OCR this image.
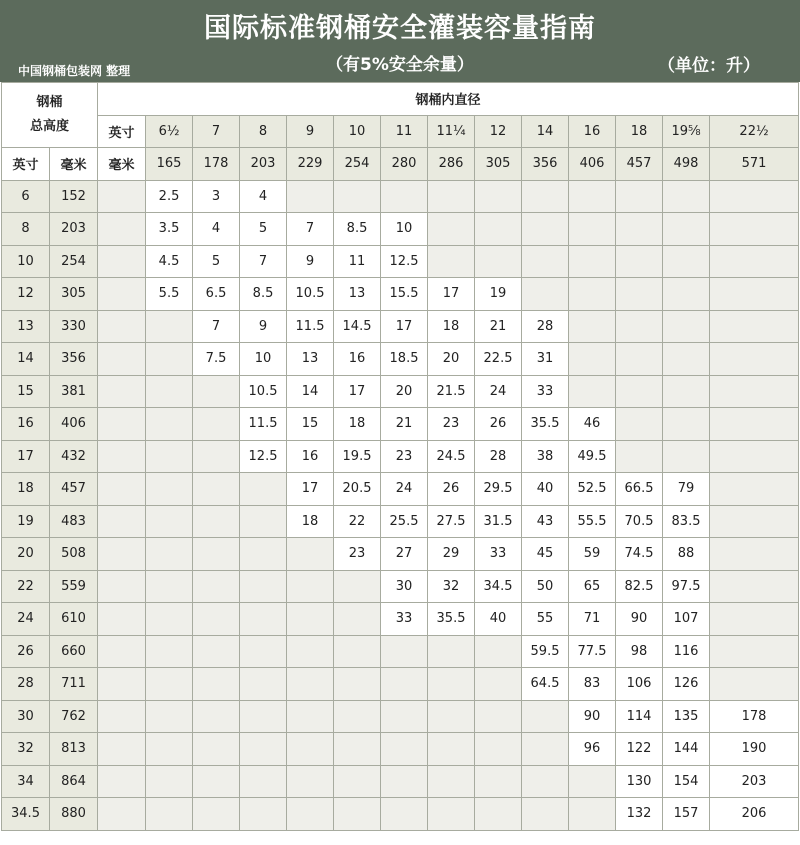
国际标准钢桶安全灌装容量指南
（有5%安全余量）
中国钢桶包装网 整理	（单位：升）
钢桶
总高度		钢桶内直径													
		英寸	6½	7	8	9	10	11	11¼	12	14	16	18	19⅝	22½
英寸	毫米	毫米	165	178	203	229	254	280	286	305	356	406	457	498	571
6	152		2.5	3	4										
8	203		3.5	4	5	7	8.5	10							
10	254		4.5	5	7	9	11	12.5							
12	305		5.5	6.5	8.5	10.5	13	15.5	17	19					
13	330			7	9	11.5	14.5	17	18	21	28				
14	356			7.5	10	13	16	18.5	20	22.5	31				
15	381				10.5	14	17	20	21.5	24	33				
16	406				11.5	15	18	21	23	26	35.5	46			
17	432				12.5	16	19.5	23	24.5	28	38	49.5			
18	457					17	20.5	24	26	29.5	40	52.5	66.5	79	
19	483					18	22	25.5	27.5	31.5	43	55.5	70.5	83.5	
20	508						23	27	29	33	45	59	74.5	88	
22	559							30	32	34.5	50	65	82.5	97.5	
24	610							33	35.5	40	55	71	90	107	
26	660										59.5	77.5	98	116	
28	711										64.5	83	106	126	
30	762											90	114	135	178
32	813											96	122	144	190
34	864												130	154	203
34.5	880												132	157	206
